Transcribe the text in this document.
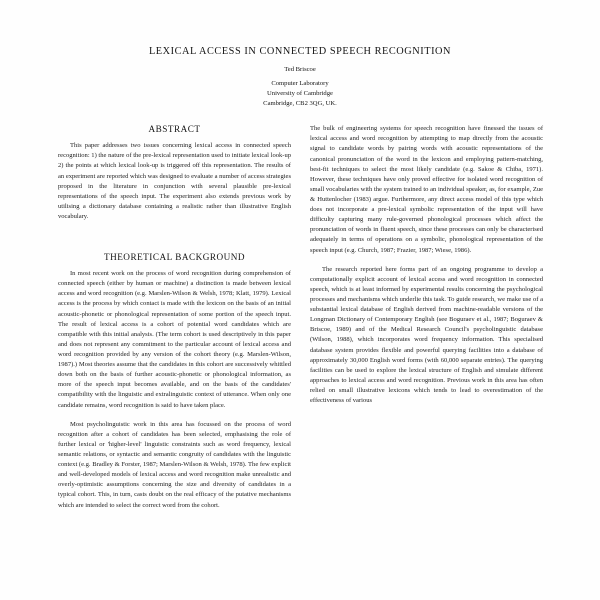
LEXICAL ACCESS IN CONNECTED SPEECH RECOGNITION
Ted Briscoe
Computer Laboratory
University of Cambridge
Cambridge, CB2 3QG, UK.
ABSTRACT

This paper addresses two issues concerning lexical access in connected speech recognition: 1) the nature of the pre-lexical representation used to initiate lexical look-up 2) the points at which lexical look-up is triggered off this representation. The results of an experiment are reported which was designed to evaluate a number of access strategies proposed in the literature in conjunction with several plausible pre-lexical representations of the speech input. The experiment also extends previous work by utilising a dictionary database containing a realistic rather than illustrative English vocabulary.

THEORETICAL BACKGROUND

In most recent work on the process of word recognition during comprehension of connected speech (either by human or machine) a distinction is made between lexical access and word recognition (e.g. Marslen-Wilson & Welsh, 1978; Klatt, 1979). Lexical access is the process by which contact is made with the lexicon on the basis of an initial acoustic-phonetic or phonological representation of some portion of the speech input. The result of lexical access is a cohort of potential word candidates which are compatible with this initial analysis. (The term cohort is used descriptively in this paper and does not represent any commitment to the particular account of lexical access and word recognition provided by any version of the cohort theory (e.g. Marslen-Wilson, 1987).) Most theories assume that the candidates in this cohort are successively whittled down both on the basis of further acoustic-phonetic or phonological information, as more of the speech input becomes available, and on the basis of the candidates' compatibility with the linguistic and extralinguistic context of utterance. When only one candidate remains, word recognition is said to have taken place.

Most psycholinguistic work in this area has focussed on the process of word recognition after a cohort of candidates has been selected, emphasising the role of further lexical or 'higher-level' linguistic constraints such as word frequency, lexical semantic relations, or syntactic and semantic congruity of candidates with the linguistic context (e.g. Bradley & Forster, 1987; Marslen-Wilson & Welsh, 1978). The few explicit and well-developed models of lexical access and word recognition make unrealistic and overly-optimistic assumptions concerning the size and diversity of candidates in a typical cohort. This, in turn, casts doubt on the real efficacy of the putative mechanisms which are intended to select the correct word from the cohort.

The bulk of engineering systems for speech recognition have finessed the issues of lexical access and word recognition by attempting to map directly from the acoustic signal to candidate words by pairing words with acoustic representations of the canonical pronunciation of the word in the lexicon and employing pattern-matching, best-fit techniques to select the most likely candidate (e.g. Sakoe & Chiba, 1971). However, these techniques have only proved effective for isolated word recognition of small vocabularies with the system trained to an individual speaker, as, for example, Zue & Huttenlocher (1983) argue. Furthermore, any direct access model of this type which does not incorporate a pre-lexical symbolic representation of the input will have difficulty capturing many rule-governed phonological processes which affect the pronunciation of words in fluent speech, since these processes can only be characterised adequately in terms of operations on a symbolic, phonological representation of the speech input (e.g. Church, 1987; Frazier, 1987; Wiese, 1986).

The research reported here forms part of an ongoing programme to develop a computationally explicit account of lexical access and word recognition in connected speech, which is at least informed by experimental results concerning the psychological processes and mechanisms which underlie this task. To guide research, we make use of a substantial lexical database of English derived from machine-readable versions of the Longman Dictionary of Contemporary English (see Boguraev et al., 1987; Boguraev & Briscoe, 1989) and of the Medical Research Council's psycholinguistic database (Wilson, 1988), which incorporates word frequency information. This specialised database system provides flexible and powerful querying facilities into a database of approximately 30,000 English word forms (with 60,000 separate entries). The querying facilities can be used to explore the lexical structure of English and simulate different approaches to lexical access and word recognition. Previous work in this area has often relied on small illustrative lexicons which tends to lead to overestimation of the effectiveness of various
